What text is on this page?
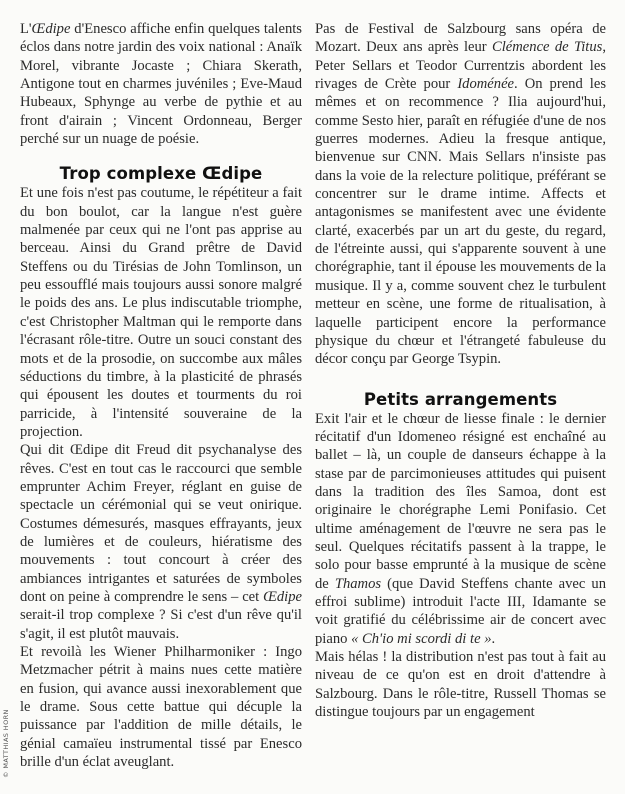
L'Œdipe d'Enesco affiche enfin quelques talents éclos dans notre jardin des voix national : Anaïk Morel, vibrante Jocaste ; Chiara Skerath, Antigone tout en charmes juvéniles ; Eve-Maud Hubeaux, Sphynge au verbe de pythie et au front d'airain ; Vincent Ordonneau, Berger perché sur un nuage de poésie.

Trop complexe Œdipe

Et une fois n'est pas coutume, le répétiteur a fait du bon boulot, car la langue n'est guère malmenée par ceux qui ne l'ont pas apprise au berceau. Ainsi du Grand prêtre de David Steffens ou du Tirésias de John Tomlinson, un peu essoufflé mais toujours aussi sonore malgré le poids des ans. Le plus indiscutable triomphe, c'est Christopher Maltman qui le remporte dans l'écrasant rôle-titre. Outre un souci constant des mots et de la prosodie, on succombe aux mâles séductions du timbre, à la plasticité de phrasés qui épousent les doutes et tourments du roi parricide, à l'intensité souveraine de la projection.

Qui dit Œdipe dit Freud dit psychanalyse des rêves. C'est en tout cas le raccourci que semble emprunter Achim Freyer, réglant en guise de spectacle un cérémonial qui se veut onirique. Costumes démesurés, masques effrayants, jeux de lumières et de couleurs, hiératisme des mouvements : tout concourt à créer des ambiances intrigantes et saturées de symboles dont on peine à comprendre le sens – cet Œdipe serait-il trop complexe ? Si c'est d'un rêve qu'il s'agit, il est plutôt mauvais.

Et revoilà les Wiener Philharmoniker : Ingo Metzmacher pétrit à mains nues cette matière en fusion, qui avance aussi inexorablement que le drame. Sous cette battue qui décuple la puissance par l'addition de mille détails, le génial camaïeu instrumental tissé par Enesco brille d'un éclat aveuglant.

Pas de Festival de Salzbourg sans opéra de Mozart. Deux ans après leur Clémence de Titus, Peter Sellars et Teodor Currentzis abordent les rivages de Crète pour Idoménée. On prend les mêmes et on recommence ? Ilia aujourd'hui, comme Sesto hier, paraît en réfugiée d'une de nos guerres modernes. Adieu la fresque antique, bienvenue sur CNN. Mais Sellars n'insiste pas dans la voie de la relecture politique, préférant se concentrer sur le drame intime. Affects et antagonismes se manifestent avec une évidente clarté, exacerbés par un art du geste, du regard, de l'étreinte aussi, qui s'apparente souvent à une chorégraphie, tant il épouse les mouvements de la musique. Il y a, comme souvent chez le turbulent metteur en scène, une forme de ritualisation, à laquelle participent encore la performance physique du chœur et l'étrangeté fabuleuse du décor conçu par George Tsypin.

Petits arrangements

Exit l'air et le chœur de liesse finale : le dernier récitatif d'un Idomeneo résigné est enchaîné au ballet – là, un couple de danseurs échappe à la stase par de parcimonieuses attitudes qui puisent dans la tradition des îles Samoa, dont est originaire le chorégraphe Lemi Ponifasio. Cet ultime aménagement de l'œuvre ne sera pas le seul. Quelques récitatifs passent à la trappe, le solo pour basse emprunté à la musique de scène de Thamos (que David Steffens chante avec un effroi sublime) introduit l'acte III, Idamante se voit gratifié du célébrissime air de concert avec piano « Ch'io mi scordi di te ».

Mais hélas ! la distribution n'est pas tout à fait au niveau de ce qu'on est en droit d'attendre à Salzbourg. Dans le rôle-titre, Russell Thomas se distingue toujours par un engagement

© MATTHIAS HORN
